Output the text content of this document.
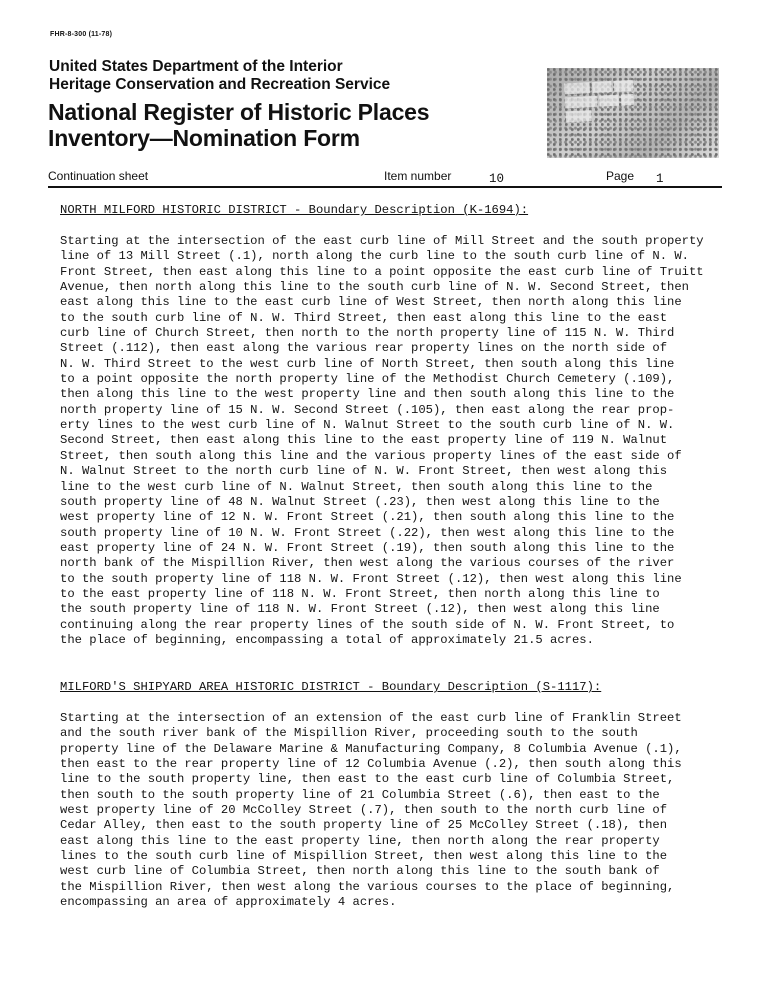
FHR-8-300 (11-78)
United States Department of the Interior
Heritage Conservation and Recreation Service
National Register of Historic Places
Inventory—Nomination Form
████ ███ ███
█████ ███ ██
████
Continuation sheet	Item number	10	Page 1
NORTH MILFORD HISTORIC DISTRICT - Boundary Description (K-1694):
Starting at the intersection of the east curb line of Mill Street and the south property
line of 13 Mill Street (.1), north along the curb line to the south curb line of N. W.
Front Street, then east along this line to a point opposite the east curb line of Truitt
Avenue, then north along this line to the south curb line of N. W. Second Street, then
east along this line to the east curb line of West Street, then north along this line
to the south curb line of N. W. Third Street, then east along this line to the east
curb line of Church Street, then north to the north property line of 115 N. W. Third
Street (.112), then east along the various rear property lines on the north side of
N. W. Third Street to the west curb line of North Street, then south along this line
to a point opposite the north property line of the Methodist Church Cemetery (.109),
then along this line to the west property line and then south along this line to the
north property line of 15 N. W. Second Street (.105), then east along the rear prop-
erty lines to the west curb line of N. Walnut Street to the south curb line of N. W.
Second Street, then east along this line to the east property line of 119 N. Walnut
Street, then south along this line and the various property lines of the east side of
N. Walnut Street to the north curb line of N. W. Front Street, then west along this
line to the west curb line of N. Walnut Street, then south along this line to the
south property line of 48 N. Walnut Street (.23), then west along this line to the
west property line of 12 N. W. Front Street (.21), then south along this line to the
south property line of 10 N. W. Front Street (.22), then west along this line to the
east property line of 24 N. W. Front Street (.19), then south along this line to the
north bank of the Mispillion River, then west along the various courses of the river
to the south property line of 118 N. W. Front Street (.12), then west along this line
to the east property line of 118 N. W. Front Street, then north along this line to
the south property line of 118 N. W. Front Street (.12), then west along this line
continuing along the rear property lines of the south side of N. W. Front Street, to
the place of beginning, encompassing a total of approximately 21.5 acres.
MILFORD'S SHIPYARD AREA HISTORIC DISTRICT - Boundary Description (S-1117):
Starting at the intersection of an extension of the east curb line of Franklin Street
and the south river bank of the Mispillion River, proceeding south to the south
property line of the Delaware Marine & Manufacturing Company, 8 Columbia Avenue (.1),
then east to the rear property line of 12 Columbia Avenue (.2), then south along this
line to the south property line, then east to the east curb line of Columbia Street,
then south to the south property line of 21 Columbia Street (.6), then east to the
west property line of 20 McColley Street (.7), then south to the north curb line of
Cedar Alley, then east to the south property line of 25 McColley Street (.18), then
east along this line to the east property line, then north along the rear property
lines to the south curb line of Mispillion Street, then west along this line to the
west curb line of Columbia Street, then north along this line to the south bank of
the Mispillion River, then west along the various courses to the place of beginning,
encompassing an area of approximately 4 acres.
